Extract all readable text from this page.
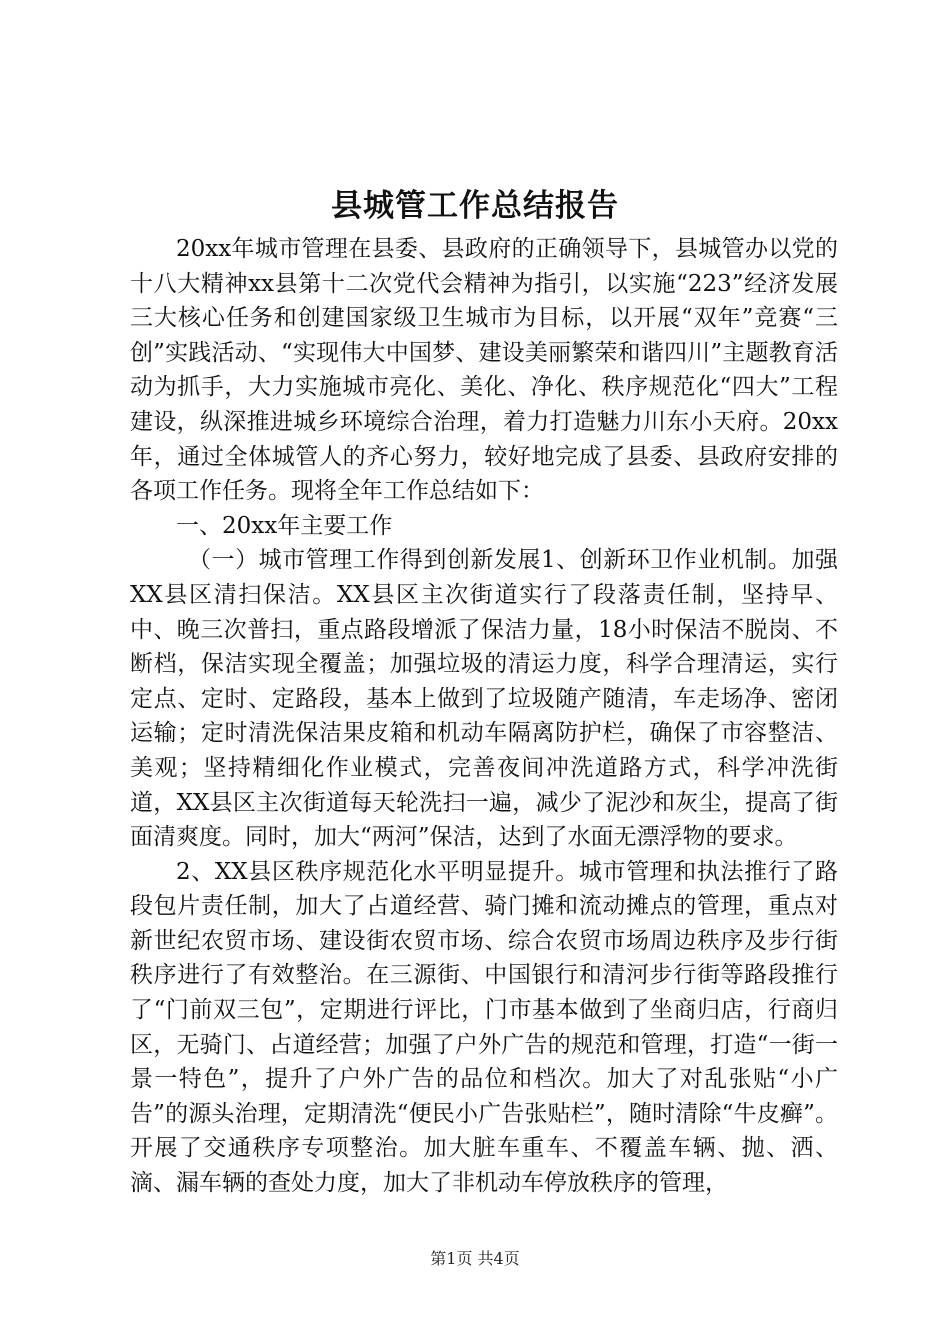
县城管工作总结报告

20xx年城市管理在县委、县政府的正确领导下，县城管办以党的十八大精神xx县第十二次党代会精神为指引，以实施“223”经济发展三大核心任务和创建国家级卫生城市为目标，以开展“双年”竞赛“三创”实践活动、“实现伟大中国梦、建设美丽繁荣和谐四川”主题教育活动为抓手，大力实施城市亮化、美化、净化、秩序规范化“四大”工程建设，纵深推进城乡环境综合治理，着力打造魅力川东小天府。20xx年，通过全体城管人的齐心努力，较好地完成了县委、县政府安排的各项工作任务。现将全年工作总结如下：

一、20xx年主要工作

（一）城市管理工作得到创新发展1、创新环卫作业机制。加强XX县区清扫保洁。XX县区主次街道实行了段落责任制，坚持早、中、晚三次普扫，重点路段增派了保洁力量，18小时保洁不脱岗、不断档，保洁实现全覆盖；加强垃圾的清运力度，科学合理清运，实行定点、定时、定路段，基本上做到了垃圾随产随清，车走场净、密闭运输；定时清洗保洁果皮箱和机动车隔离防护栏，确保了市容整洁、美观；坚持精细化作业模式，完善夜间冲洗道路方式，科学冲洗街道，XX县区主次街道每天轮洗扫一遍，减少了泥沙和灰尘，提高了街面清爽度。同时，加大“两河”保洁，达到了水面无漂浮物的要求。

2、XX县区秩序规范化水平明显提升。城市管理和执法推行了路段包片责任制，加大了占道经营、骑门摊和流动摊点的管理，重点对新世纪农贸市场、建设街农贸市场、综合农贸市场周边秩序及步行街秩序进行了有效整治。在三源街、中国银行和清河步行街等路段推行了“门前双三包”，定期进行评比，门市基本做到了坐商归店，行商归区，无骑门、占道经营；加强了户外广告的规范和管理，打造“一街一景一特色”，提升了户外广告的品位和档次。加大了对乱张贴“小广告”的源头治理，定期清洗“便民小广告张贴栏”，随时清除“牛皮癣”。开展了交通秩序专项整治。加大脏车重车、不覆盖车辆、抛、洒、滴、漏车辆的查处力度，加大了非机动车停放秩序的管理，

第1页 共4页
